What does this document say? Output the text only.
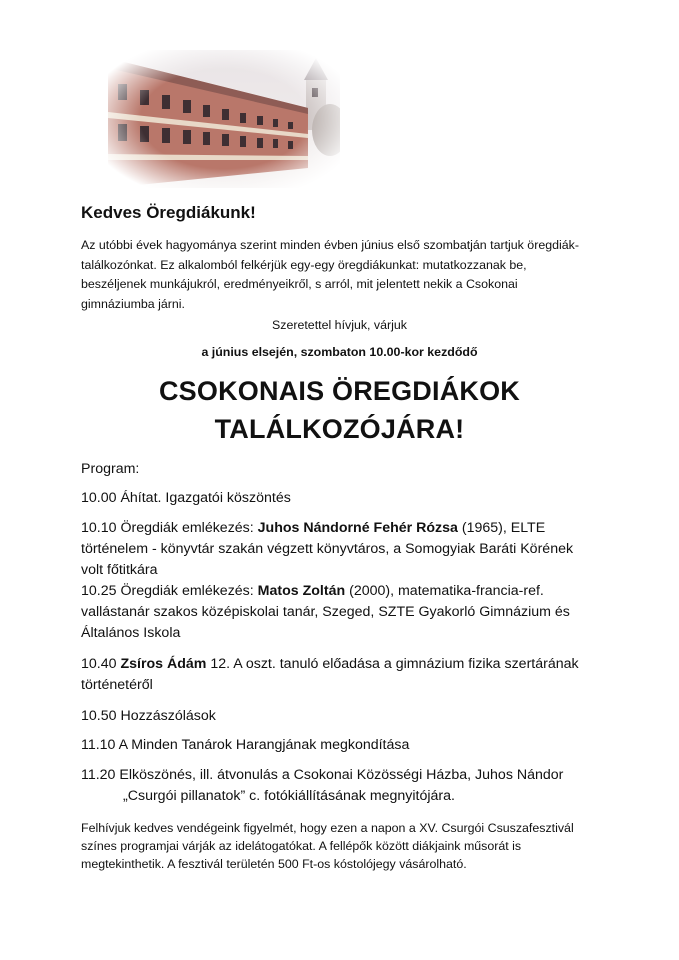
Kedves Öregdiákunk!
Az utóbbi évek hagyománya szerint minden évben június első szombatján tartjuk öregdiák-
találkozónkat. Ez alkalomból felkérjük egy-egy öregdiákunkat: mutatkozzanak be,
beszéljenek munkájukról, eredményeikről, s arról, mit jelentett nekik a Csokonai
gimnáziumba járni.

Szeretettel hívjuk, várjuk

a június elsején, szombaton 10.00-kor kezdődő

CSOKONAIS ÖREGDIÁKOK
TALÁLKOZÓJÁRA!

Program:

10.00 Áhítat. Igazgatói köszöntés

10.10 Öregdiák emlékezés: Juhos Nándorné Fehér Rózsa (1965), ELTE
történelem - könyvtár szakán végzett könyvtáros, a Somogyiak Baráti Körének
volt főtitkára
10.25 Öregdiák emlékezés: Matos Zoltán (2000), matematika-francia-ref.
vallástanár szakos középiskolai tanár, Szeged, SZTE Gyakorló Gimnázium és
Általános Iskola
10.40 Zsíros Ádám 12. A oszt. tanuló előadása a gimnázium fizika szertárának
történetéről

10.50 Hozzászólások

11.10 A Minden Tanárok Harangjának megkondítása

11.20 Elköszönés, ill. átvonulás a Csokonai Közösségi Házba, Juhos Nándor
„Csurgói pillanatok” c. fotókiállításának megnyitójára.
Felhívjuk kedves vendégeink figyelmét, hogy ezen a napon a XV. Csurgói Csuszafesztivál
színes programjai várják az idelátogatókat. A fellépők között diákjaink műsorát is
megtekinthetik. A fesztivál területén 500 Ft-os kóstolójegy vásárolható.
